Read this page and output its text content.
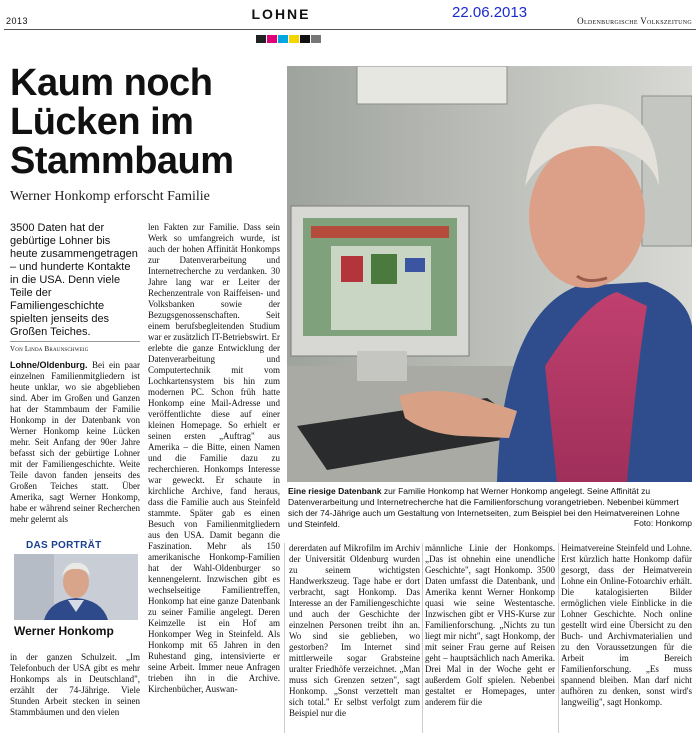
2013	LOHNE	22.06.2013	Oldenburgische Volkszeitung
Kaum noch Lücken im Stammbaum
Werner Honkomp erforscht Familie
3500 Daten hat der gebürtige Lohner bis heute zusammengetragen – und hunderte Kontakte in die USA. Denn viele Teile der Familiengeschichte spielten jenseits des Großen Teiches.
Von Linda Braunschweig
Lohne/Oldenburg. Bei ein paar einzelnen Familienmitgliedern ist heute unklar, wo sie abgeblieben sind. Aber im Großen und Ganzen hat der Stammbaum der Familie Honkomp in der Datenbank von Werner Honkomp keine Lücken mehr. Seit Anfang der 90er Jahre befasst sich der gebürtige Lohner mit der Familiengeschichte. Weite Teile davon fanden jenseits des Großen Teiches statt. Über Amerika, sagt Werner Honkomp, habe er während seiner Recherchen mehr gelernt als
DAS PORTRÄT
Werner Honkomp
in der ganzen Schulzeit. „Im Telefonbuch der USA gibt es mehr Honkomps als in Deutschland", erzählt der 74-Jährige. Viele Stunden Arbeit stecken in seinen Stammbäumen und den vielen
len Fakten zur Familie. Dass sein Werk so umfangreich wurde, ist auch der hohen Affinität Honkomps zur Datenverarbeitung und Internetrecherche zu verdanken. 30 Jahre lang war er Leiter der Rechenzentrale von Raiffeisen- und Volksbanken sowie der Bezugsgenossenschaften. Seit einem berufsbegleitenden Studium war er zusätzlich IT-Betriebswirt. Er erlebte die ganze Entwicklung der Datenverarbeitung und Computertechnik mit vom Lochkartensystem bis hin zum modernen PC. Schon früh hatte Honkomp eine Mail-Adresse und veröffentlichte diese auf einer kleinen Homepage. So erhielt er seinen ersten „Auftrag" aus Amerika – die Bitte, einen Namen und die Familie dazu zu recherchieren. Honkomps Interesse war geweckt. Er schaute in kirchliche Archive, fand heraus, dass die Familie auch aus Steinfeld stammte. Später gab es einen Besuch von Familienmitgliedern aus den USA. Damit begann die Faszination. Mehr als 150 amerikanische Honkomp-Familien hat der Wahl-Oldenburger so kennengelernt. Inzwischen gibt es wechselseitige Familientreffen, Honkomp hat eine ganze Datenbank zu seiner Familie angelegt. Deren Keimzelle ist ein Hof am Honkomper Weg in Steinfeld. Als Honkomp mit 65 Jahren in den Ruhestand ging, intensivierte er seine Arbeit. Immer neue Anfragen trieben ihn in die Archive. Kirchenbücher, Auswan-
Eine riesige Datenbank zur Familie Honkomp hat Werner Honkomp angelegt. Seine Affinität zu Datenverarbeitung und Internetrecherche hat die Familienforschung vorangetrieben. Nebenbei kümmert sich der 74-Jährige auch um Gestaltung von Internetseiten, zum Beispiel bei den Heimatvereinen Lohne und Steinfeld.	Foto: Honkomp
dererdaten auf Mikrofilm im Archiv der Universität Oldenburg wurden zu seinem wichtigsten Handwerkszeug. Tage habe er dort verbracht, sagt Honkomp. Das Interesse an der Familiengeschichte und auch der Geschichte der einzelnen Personen treibt ihn an. Wo sind sie geblieben, wo gestorben? Im Internet sind mittlerweile sogar Grabsteine uralter Friedhöfe verzeichnet. „Man muss sich Grenzen setzen", sagt Honkomp. „Sonst verzettelt man sich total." Er selbst verfolgt zum Beispiel nur die
männliche Linie der Honkomps. „Das ist ohnehin eine unendliche Geschichte", sagt Honkomp. 3500 Daten umfasst die Datenbank, und Amerika kennt Werner Honkomp quasi wie seine Westentasche. Inzwischen gibt er VHS-Kurse zur Familienforschung. „Nichts zu tun liegt mir nicht", sagt Honkomp, der mit seiner Frau gerne auf Reisen geht – hauptsächlich nach Amerika. Drei Mal in der Woche geht er außerdem Golf spielen. Nebenbei gestaltet er Homepages, unter anderem für die
Heimatvereine Steinfeld und Lohne. Erst kürzlich hatte Honkomp dafür gesorgt, dass der Heimatverein Lohne ein Online-Fotoarchiv erhält. Die katalogisierten Bilder ermöglichen viele Einblicke in die Lohner Geschichte. Noch online gestellt wird eine Übersicht zu den Buch- und Archivmaterialien und zu den Voraussetzungen für die Arbeit im Bereich Familienforschung. „Es muss spannend bleiben. Man darf nicht aufhören zu denken, sonst wird's langweilig", sagt Honkomp.
